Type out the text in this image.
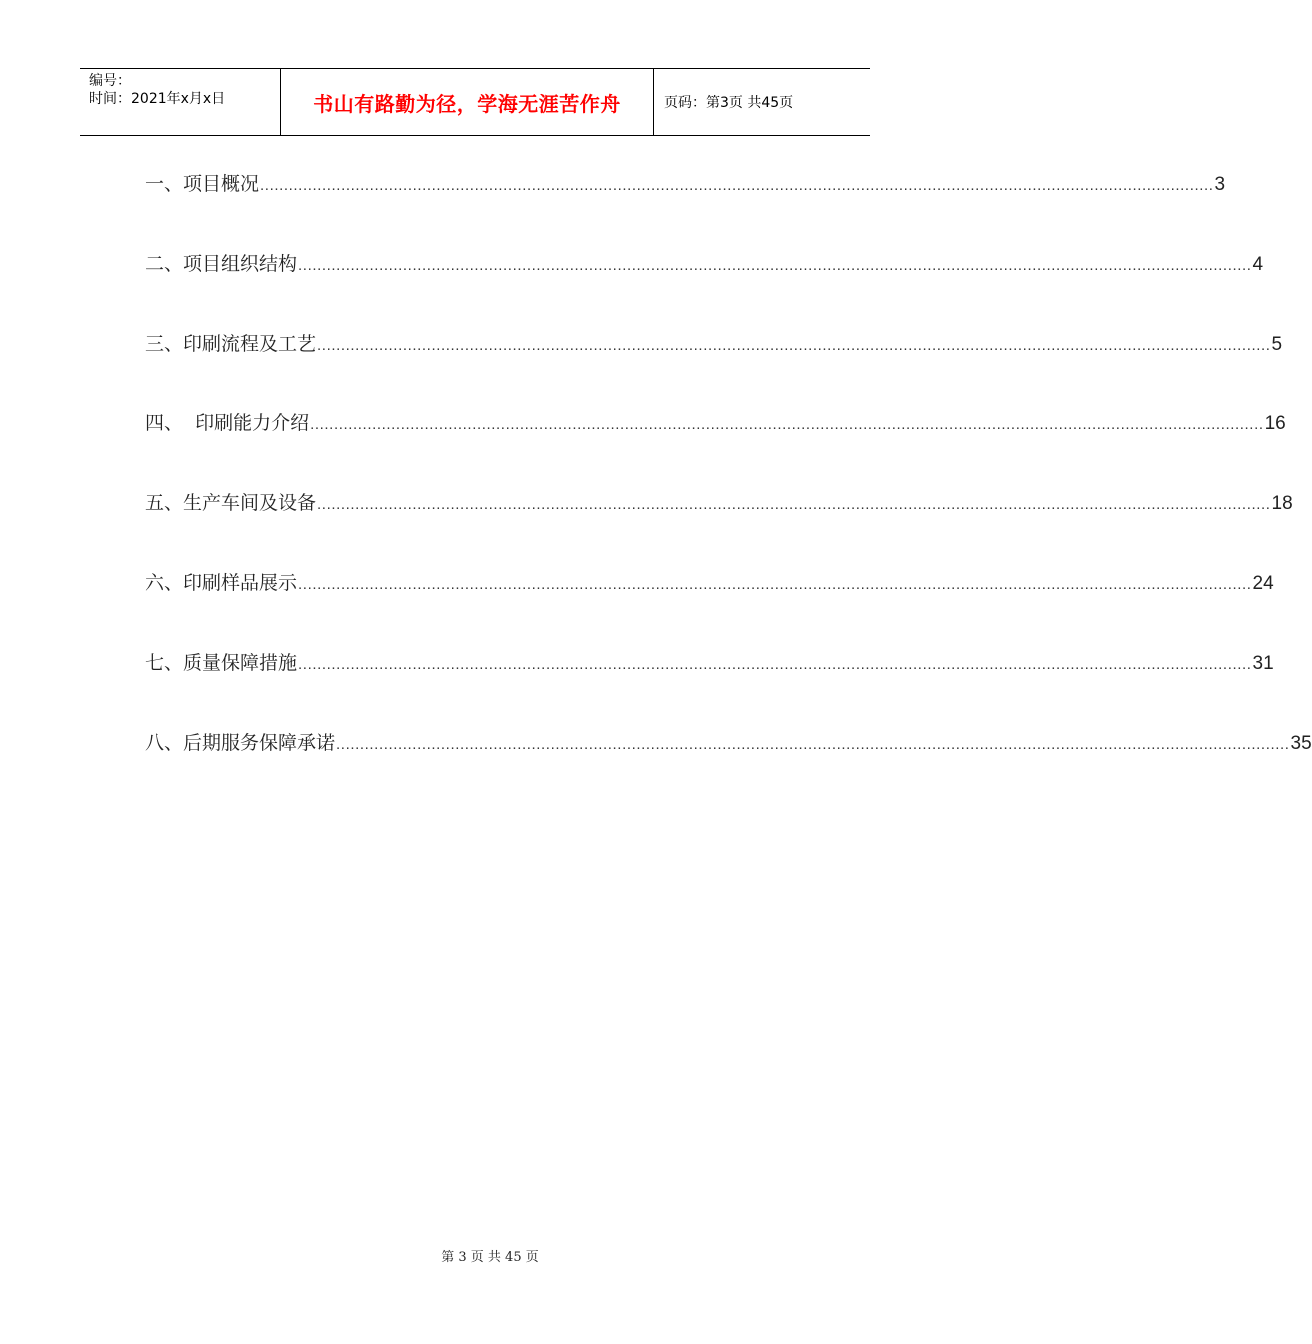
编号：
时间：2021年x月x日	书山有路勤为径，学海无涯苦作舟	页码：第3页 共45页
一、 项目概况 ........................................................................................................................................................................................................ 3
二、 项目组织结构 ........................................................................................................................................................................................................ 4
三、 印刷流程及工艺 ........................................................................................................................................................................................................ 5
四、 印刷能力介绍 ........................................................................................................................................................................................................ 16
五、 生产车间及设备 ........................................................................................................................................................................................................ 18
六、 印刷样品展示 ........................................................................................................................................................................................................ 24
七、 质量保障措施 ........................................................................................................................................................................................................ 31
八、 后期服务保障承诺 ........................................................................................................................................................................................................ 35
第 3 页 共 45 页
